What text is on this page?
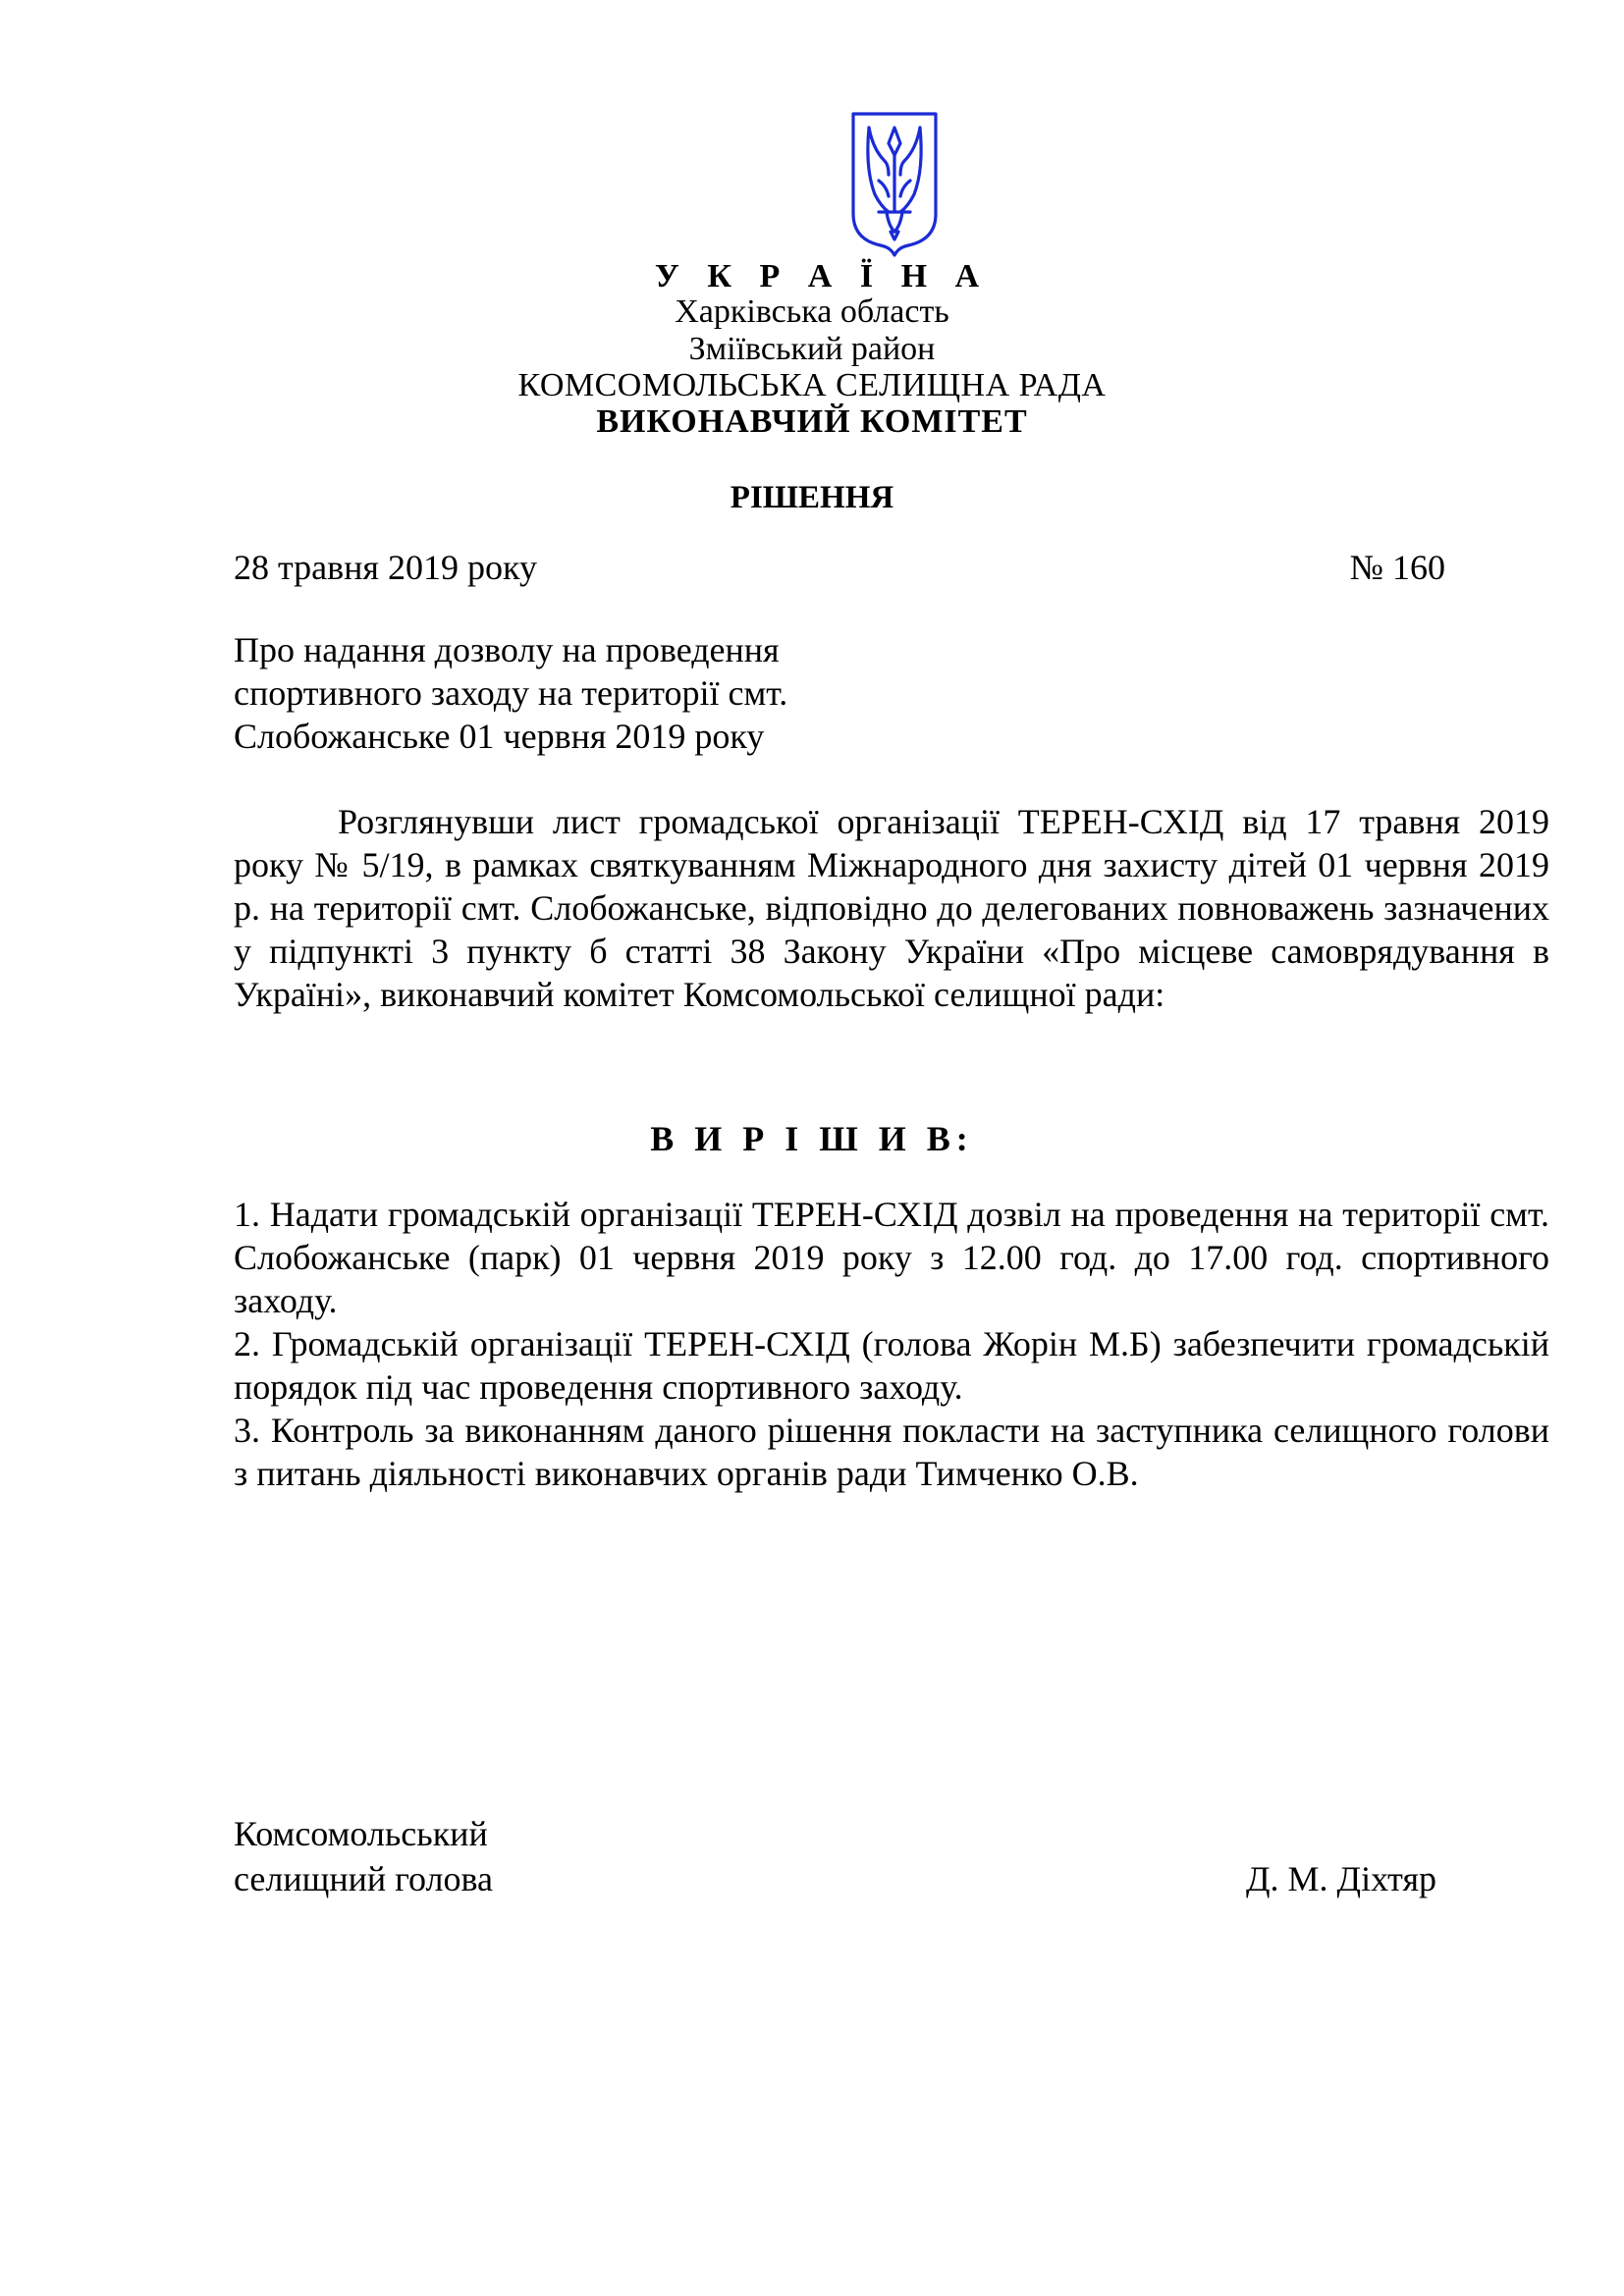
У К Р А Ї Н А
Харківська область
Зміївський район
КОМСОМОЛЬСЬКА СЕЛИЩНА РАДА
ВИКОНАВЧИЙ КОМІТЕТ
РІШЕННЯ
28 травня 2019 року	№ 160
Про надання дозволу на проведення
спортивного заходу на території смт.
Слобожанське 01 червня 2019 року
Розглянувши лист громадської організації ТЕРЕН-СХІД від 17 травня 2019 року № 5/19, в рамках святкуванням Міжнародного дня захисту дітей 01 червня 2019 р. на території смт. Слобожанське, відповідно до делегованих повноважень зазначених у підпункті 3 пункту б статті 38 Закону України «Про місцеве самоврядування в Україні», виконавчий комітет Комсомольської селищної ради:
В И Р І Ш И В:

1. Надати громадській організації ТЕРЕН-СХІД дозвіл на проведення на території смт. Слобожанське (парк) 01 червня 2019 року з 12.00 год. до 17.00 год. спортивного заходу.

2. Громадській організації ТЕРЕН-СХІД (голова Жорін М.Б) забезпечити громадській порядок під час проведення спортивного заходу.

3. Контроль за виконанням даного рішення покласти на заступника селищного голови з питань діяльності виконавчих органів ради Тимченко О.В.

Комсомольський
селищний голова	Д. М. Діхтяр
